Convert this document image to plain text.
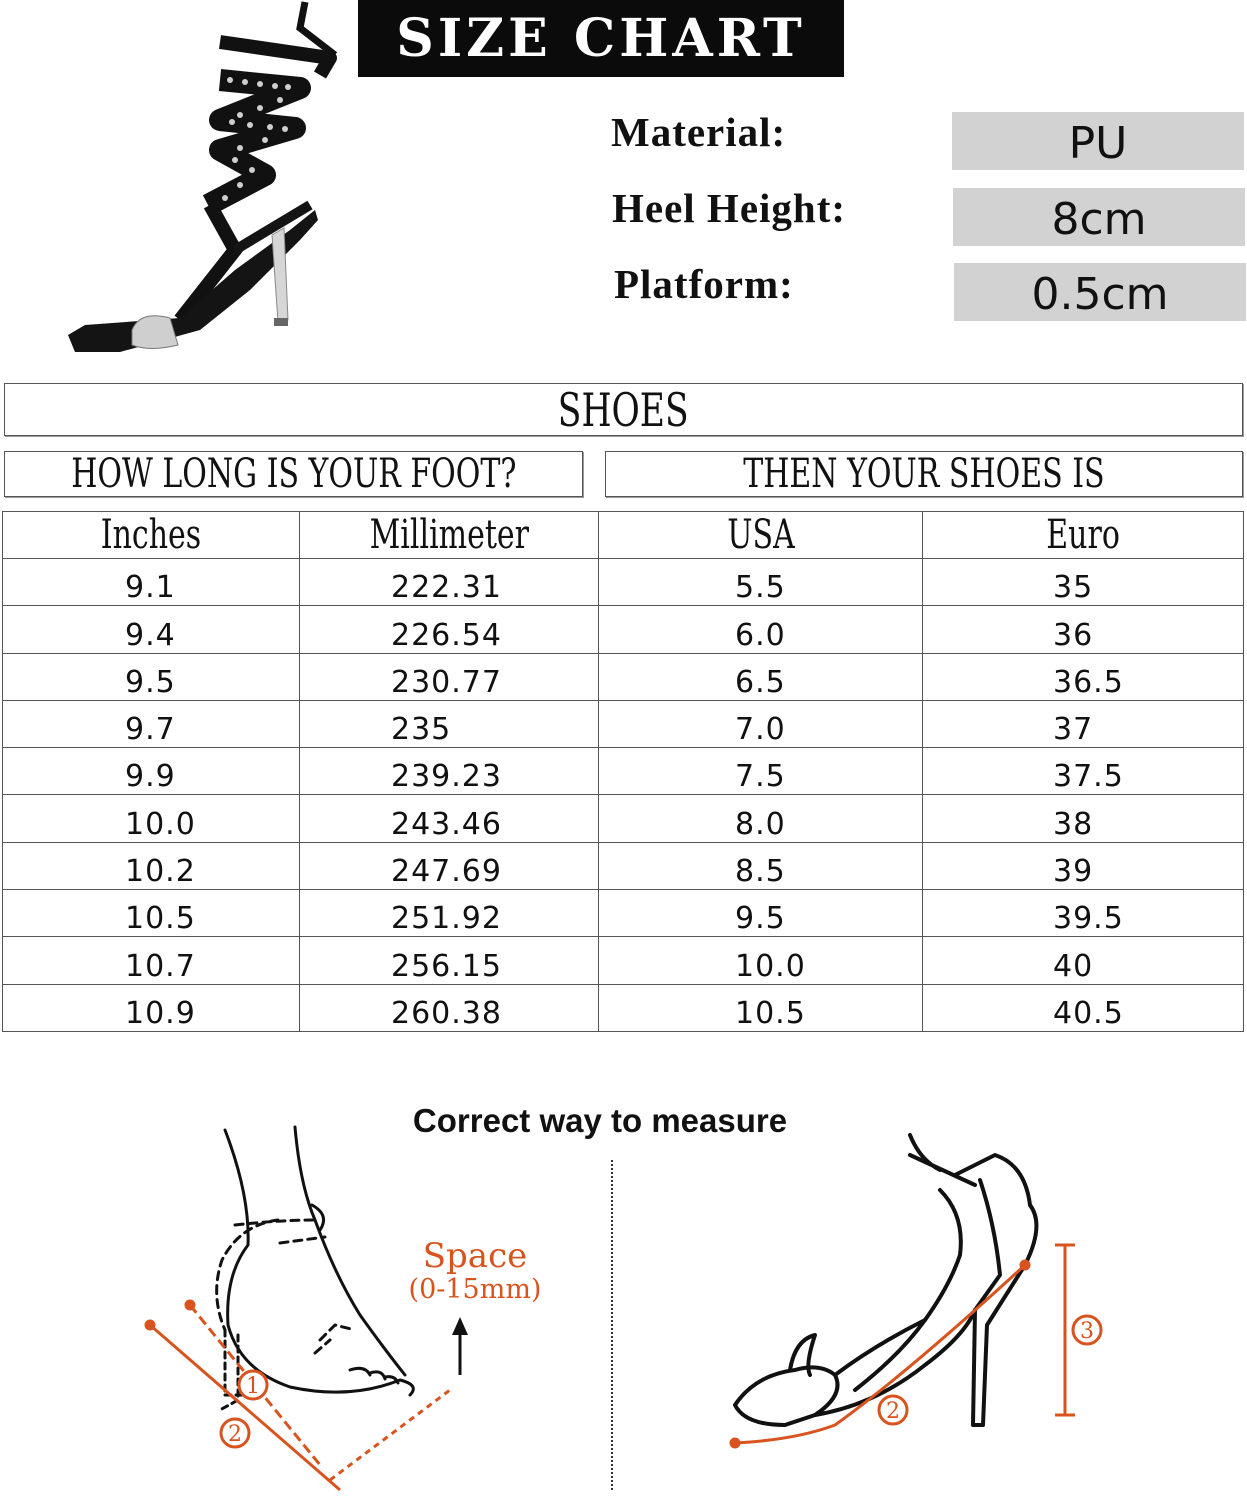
SIZE CHART
Material:	PU
Heel Height:	8cm
Platform:	0.5cm
SHOES
HOW LONG IS YOUR FOOT?	THEN YOUR SHOES IS
Inches	Millimeter	USA	Euro
9.1	222.31	5.5	35
9.4	226.54	6.0	36
9.5	230.77	6.5	36.5
9.7	235	7.0	37
9.9	239.23	7.5	37.5
10.0	243.46	8.0	38
10.2	247.69	8.5	39
10.5	251.92	9.5	39.5
10.7	256.15	10.0	40
10.9	260.38	10.5	40.5
Correct way to measure
1
2
Space
(0-15mm)
2
3
